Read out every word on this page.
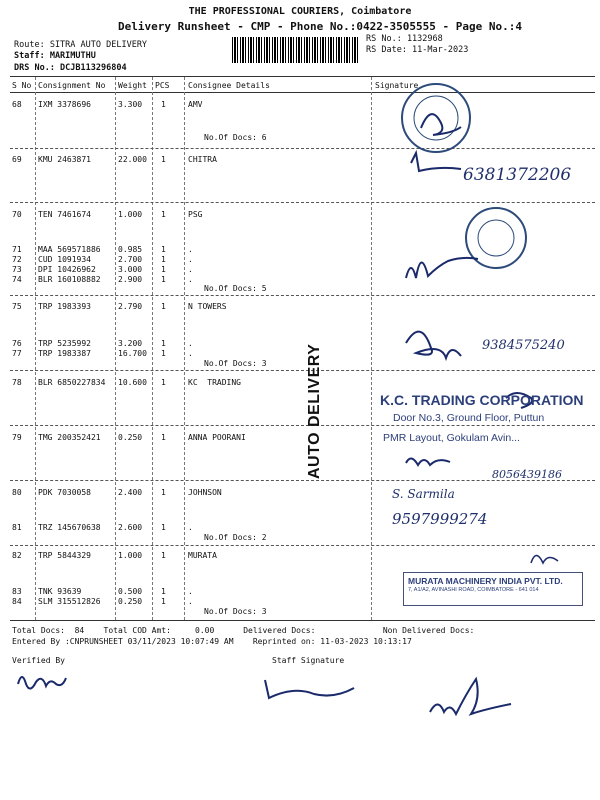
THE PROFESSIONAL COURIERS, Coimbatore
Delivery Runsheet - CMP - Phone No.:0422-3505555 - Page No.:4
Route: SITRA AUTO DELIVERY
Staff: MARIMUTHU
DRS No.: DCJB113296804
RS No.: 1132968
RS Date: 11-Mar-2023
S No Consignment No Weight PCS Consignee Details	Signature
68 IXM 3378696	3.300 1	AMV
No.Of Docs: 6
69 KMU 2463871	22.000 1	CHITRA
70 TEN 7461674	1.000 1	PSG
71 MAA 569571886 0.985 1	.
72 CUD 1091934	2.700 1	.
73 DPI 10426962	3.000 1	.
74 BLR 160108882 2.900 1	.
No.Of Docs: 5
75 TRP 1983393	2.790 1	N TOWERS
76 TRP 5235992	3.200 1	.
77 TRP 1983387	16.700 1	.
No.Of Docs: 3
78 BLR 6850227834 10.600 1	KC  TRADING
79 TMG 200352421 0.250 1	ANNA POORANI
80 PDK 7030058	2.400 1	JOHNSON
81 TRZ 145670638 2.600 1	.
No.Of Docs: 2
82 TRP 5844329	1.000 1	MURATA
83 TNK 93639	0.500 1	.
84 SLM 315512826 0.250 1	.
No.Of Docs: 3
AUTO DELIVERY
6381372206
9384575240
8056439186
S. Sarmila
9597999274
K.C. TRADING CORPORATION
Door No.3, Ground Floor, Puttun
PMR Layout, Gokulam Avin...
MURATA MACHINERY INDIA PVT. LTD.
7, A1/A2, AVINASHI ROAD, COIMBATORE - 641 014
Total Docs:  84    Total COD Amt:     0.00      Delivered Docs:              Non Delivered Docs:
Entered By :CNPRUNSHEET 03/11/2023 10:07:49 AM    Reprinted on: 11-03-2023 10:13:17
Verified By	Staff Signature
